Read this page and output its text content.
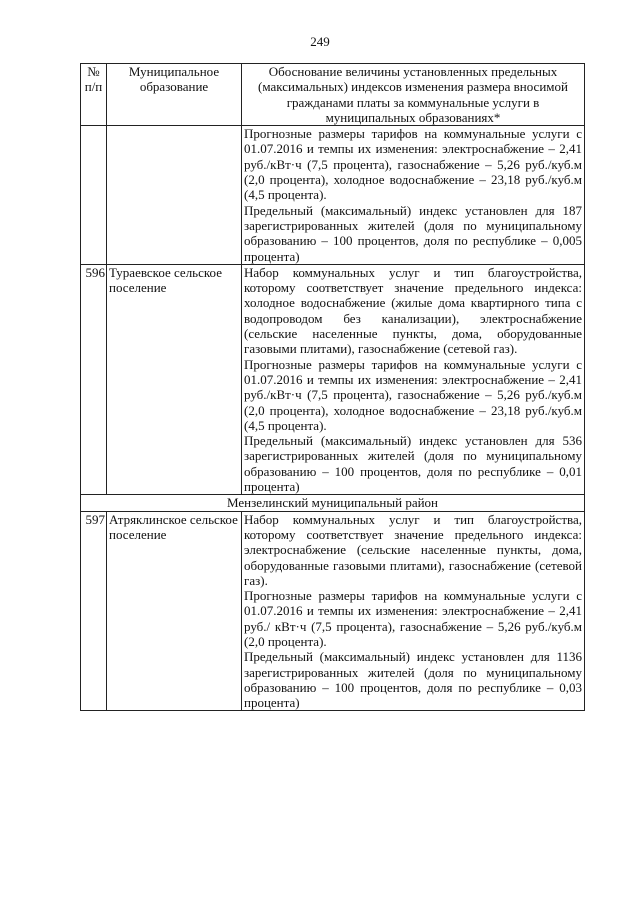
249
№ п/п	Муниципальное образование	Обоснование величины установленных предельных (максимальных) индексов изменения размера вносимой гражданами платы за коммунальные услуги в муниципальных образованиях*

		Прогнозные размеры тарифов на коммунальные услуги с 01.07.2016 и темпы их изменения: электроснабжение – 2,41 руб./кВт·ч (7,5 процента), газоснабжение – 5,26 руб./куб.м (2,0 процента), холодное водоснабжение – 23,18 руб./куб.м (4,5 процента).

Предельный (максимальный) индекс установлен для 187 зарегистрированных жителей (доля по муниципальному образованию – 100 процентов, доля по республике – 0,005 процента)

596	Тураевское сельское поселение	Набор коммунальных услуг и тип благоустройства, которому соответствует значение предельного индекса: холодное водоснабжение (жилые дома квартирного типа с водопроводом без канализации), электроснабжение (сельские населенные пункты, дома, оборудованные газовыми плитами), газоснабжение (сетевой газ).

Прогнозные размеры тарифов на коммунальные услуги с 01.07.2016 и темпы их изменения: электроснабжение – 2,41 руб./кВт·ч (7,5 процента), газоснабжение – 5,26 руб./куб.м (2,0 процента), холодное водоснабжение – 23,18 руб./куб.м (4,5 процента).

Предельный (максимальный) индекс установлен для 536 зарегистрированных жителей (доля по муниципальному образованию – 100 процентов, доля по республике – 0,01 процента)

Мензелинский муниципальный район		
597	Атряклинское сельское поселение	Набор коммунальных услуг и тип благоустройства, которому соответствует значение предельного индекса: электроснабжение (сельские населенные пункты, дома, оборудованные газовыми плитами), газоснабжение (сетевой газ).

Прогнозные размеры тарифов на коммунальные услуги с 01.07.2016 и темпы их изменения: электроснабжение – 2,41 руб./ кВт·ч (7,5 процента), газоснабжение – 5,26 руб./куб.м (2,0 процента).

Предельный (максимальный) индекс установлен для 1136 зарегистрированных жителей (доля по муниципальному образованию – 100 процентов, доля по республике – 0,03 процента)
